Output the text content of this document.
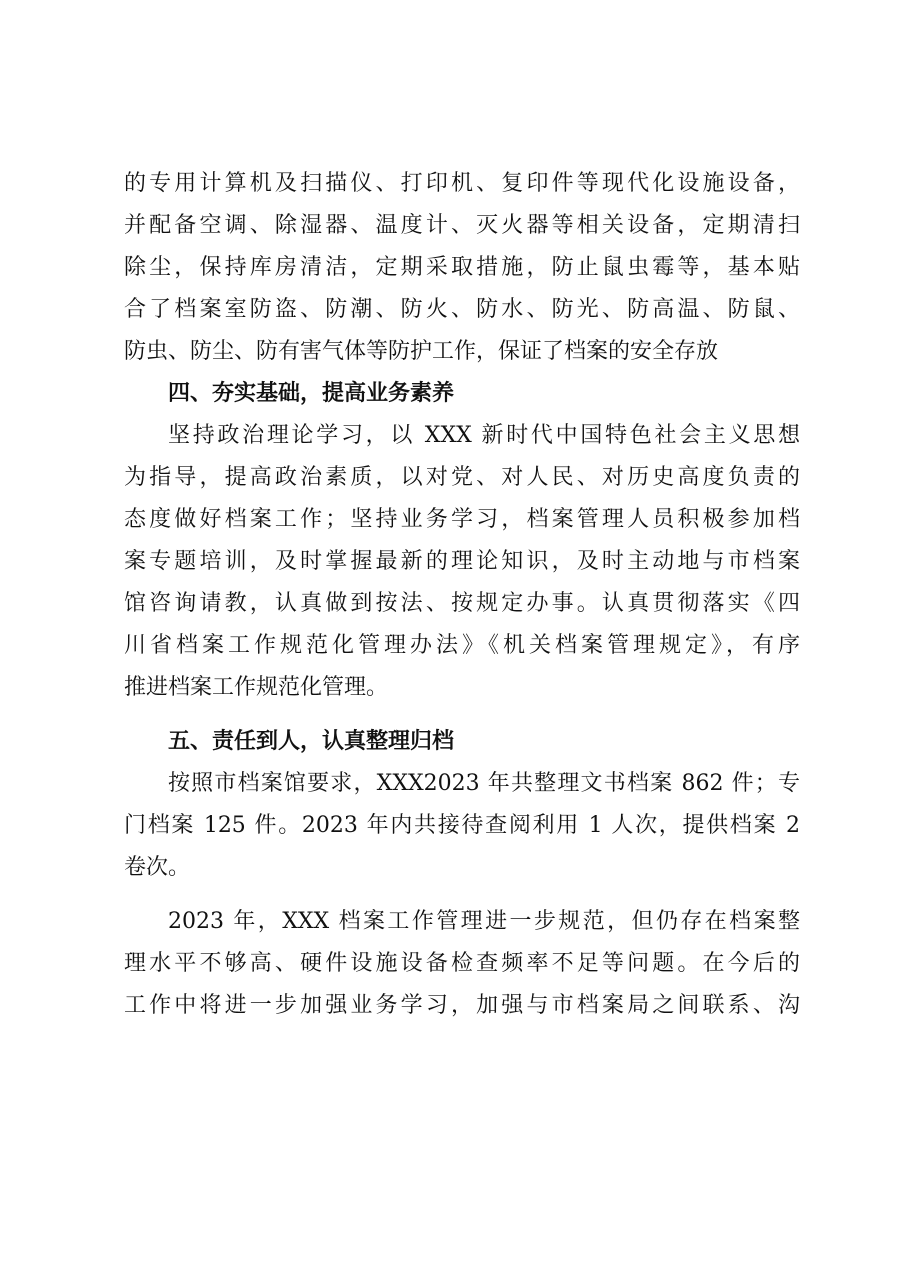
的专用计算机及扫描仪、打印机、复印件等现代化设施设备，
并配备空调、除湿器、温度计、灭火器等相关设备，定期清扫
除尘，保持库房清洁，定期采取措施，防止鼠虫霉等，基本贴
合了档案室防盗、防潮、防火、防水、防光、防高温、防鼠、
防虫、防尘、防有害气体等防护工作，保证了档案的安全存放
四、夯实基础，提高业务素养
坚持政治理论学习，以 XXX 新时代中国特色社会主义思想
为指导，提高政治素质，以对党、对人民、对历史高度负责的
态度做好档案工作；坚持业务学习，档案管理人员积极参加档
案专题培训，及时掌握最新的理论知识，及时主动地与市档案
馆咨询请教，认真做到按法、按规定办事。认真贯彻落实《四
川省档案工作规范化管理办法》《机关档案管理规定》，有序
推进档案工作规范化管理。
五、责任到人，认真整理归档
按照市档案馆要求，XXX2023 年共整理文书档案 862 件；专
门档案 125 件。2023 年内共接待查阅利用 1 人次，提供档案 2
卷次。
2023 年，XXX 档案工作管理进一步规范，但仍存在档案整
理水平不够高、硬件设施设备检查频率不足等问题。在今后的
工作中将进一步加强业务学习，加强与市档案局之间联系、沟
